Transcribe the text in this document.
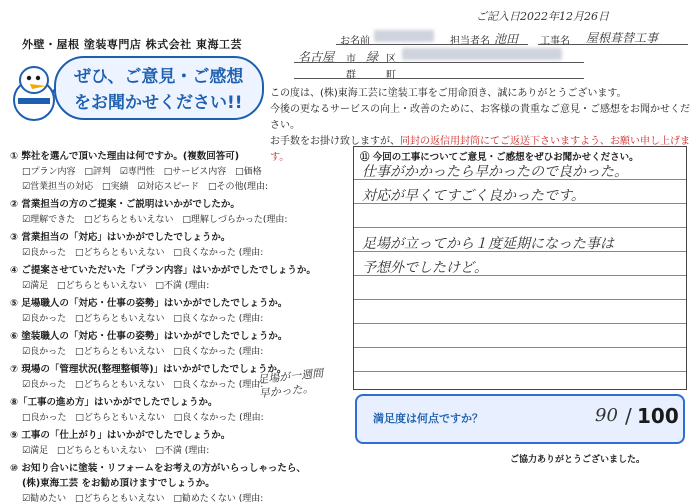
ご記入日2022年12月26日
外壁・屋根 塗装専門店 株式会社 東海工芸	お名前	担当者名 池田 工事名 屋根葺替工事
名古屋 市 緑 区
群	町
ぜひ、ご意見・ご感想
をお聞かせください!!	この度は、(株)東海工芸に塗装工事をご用命頂き、誠にありがとうございます。
今後の更なるサービスの向上・改善のために、お客様の貴重なご意見・ご感想をお聞かせください。
お手数をお掛け致しますが、同封の返信用封筒にてご返送下さいますよう、お願い申し上げます。
① 弊社を選んで頂いた理由は何ですか。(複数回答可)
□プラン内容 □評判 ☑専門性 □サービス内容 □価格
☑営業担当の対応 □実績 ☑対応スピード □その他(理由:
② 営業担当の方のご提案・ご説明はいかがでしたか。
☑理解できた □どちらともいえない □理解しづらかった(理由:
③ 営業担当の「対応」はいかがでしたでしょうか。
☑良かった □どちらともいえない □良くなかった (理由:
④ ご提案させていただいた「プラン内容」はいかがでしたでしょうか。
☑満足 □どちらともいえない □不満 (理由:
⑤ 足場職人の「対応・仕事の姿勢」はいかがでしたでしょうか。
☑良かった □どちらともいえない □良くなかった (理由:
⑥ 塗装職人の「対応・仕事の姿勢」はいかがでしたでしょうか。
☑良かった □どちらともいえない □良くなかった (理由:
⑦ 現場の「管理状況(整理整頓等)」はいかがでしたでしょうか。
☑良かった □どちらともいえない □良くなかった (理由:
⑧「工事の進め方」はいかがでしたでしょうか。
□良かった □どちらともいえない □良くなかった (理由:
⑨ 工事の「仕上がり」はいかがでしたでしょうか。
☑満足 □どちらともいえない □不満 (理由:
⑩ お知り合いに塗装・リフォームをお考えの方がいらっしゃったら、
(株)東海工芸 をお勧め頂けますでしょうか。
☑勧めたい □どちらともいえない □勧めたくない (理由:
足場が一週間
早かった。
⑪ 今回の工事についてご意見・ご感想をぜひお聞かせください。
仕事がかかったら早かったので良かった。
対応が早くてすごく良かったです。
足場が立ってから１度延期になった事は
予想外でしたけど。
満足度は何点ですか？	90 / 100
ご協力ありがとうございました。
